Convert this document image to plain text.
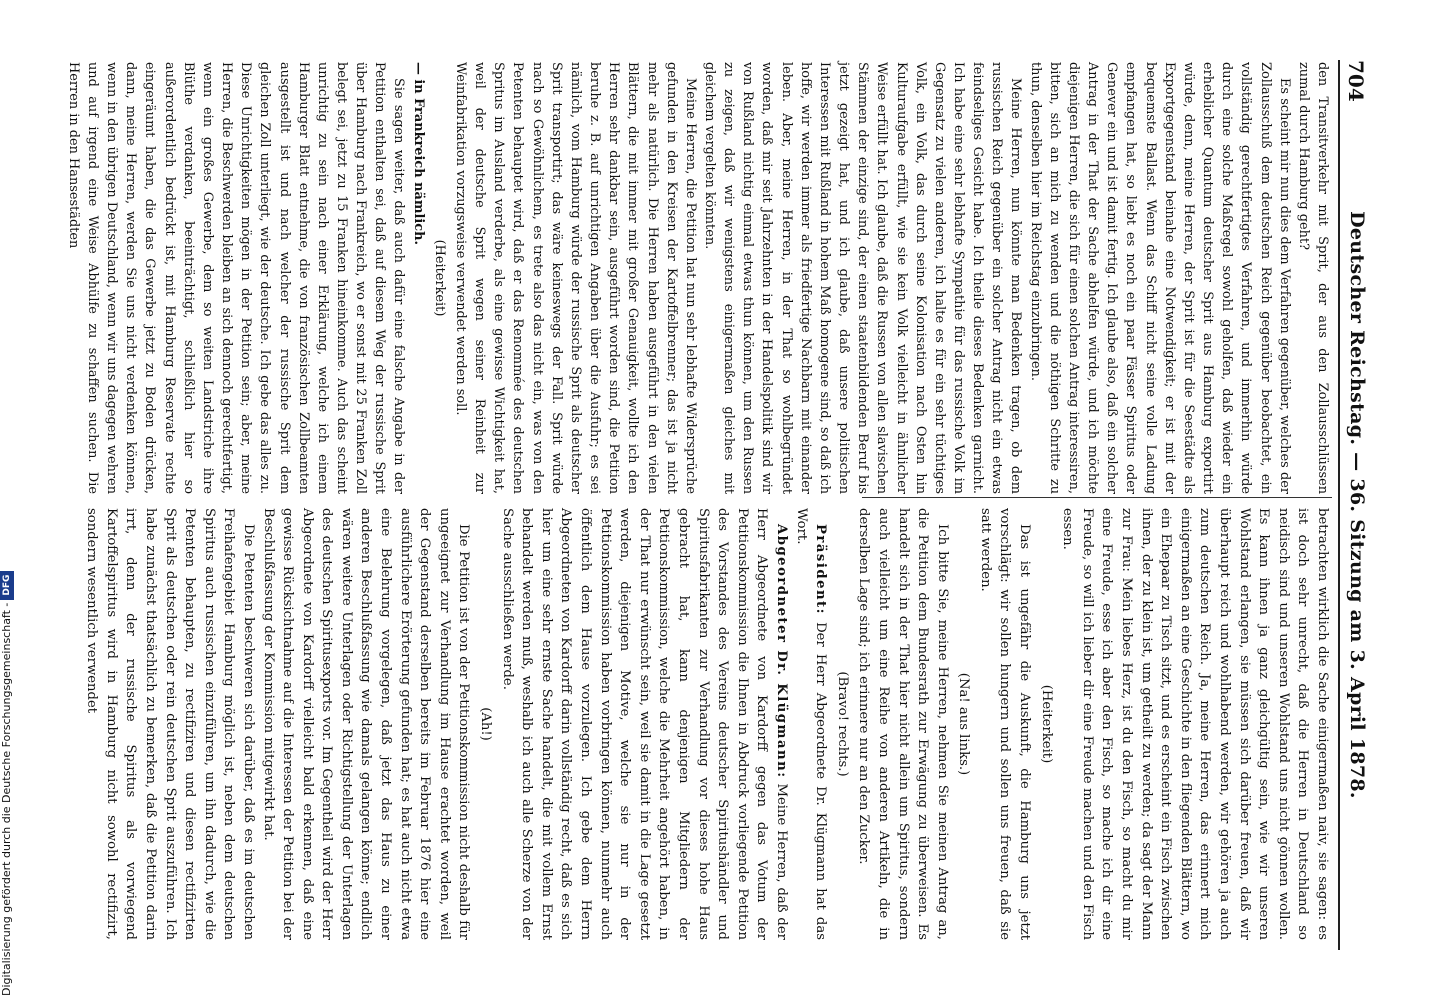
704
Deutscher Reichstag. — 36. Sitzung am 3. April 1878.

den Transitverkehr mit Sprit, der aus den Zollausschlüssen zumal durch Hamburg geht?

Es scheint mir nun dies dem Verfahren gegenüber, welches der Zollausschuß dem deutschen Reich gegenüber beobachtet, ein vollständig gerechtfertigtes Verfahren, und immerhin würde durch eine solche Maßregel sowohl geholfen, daß wieder ein erheblicher Quantum deutscher Sprit aus Hamburg exportirt würde, denn, meine Herren, der Sprit ist für die Seestädte als Exportgegenstand beinahe eine Notwendigkeit; er ist mit der bequemste Ballast. Wenn das Schiff nicht seine volle Ladung empfangen hat, so liebt es noch ein paar Fässer Spiritus oder Genever ein und ist damit fertig. Ich glaube also, daß ein solcher Antrag in der That der Sache abhelfen würde, und ich möchte diejenigen Herren, die sich für einen solchen Antrag interessiren, bitten, sich an mich zu wenden und die nöthigen Schritte zu thun, denselben hier im Reichstag einzubringen.

Meine Herren, nun könnte man Bedenken tragen, ob dem russischen Reich gegenüber ein solcher Antrag nicht ein etwas feindseliges Gesicht habe. Ich theile dieses Bedenken garnicht. Ich habe eine sehr lebhafte Sympathie für das russische Volk im Gegensatz zu vielen anderen, ich halte es für ein sehr tüchtiges Volk, ein Volk, das durch seine Kolonisation nach Osten hin Kulturaufgabe erfüllt, wie sie kein Volk vielleicht in ähnlicher Weise erfüllt hat. Ich glaube, daß die Russen von allen slavischen Stämmen der einzige sind, der einen staatenbildenden Beruf bis jetzt gezeigt hat, und ich glaube, daß unsere politischen Interessen mit Rußland in hohem Maß homogene sind, so daß ich hoffe, wir werden immer als friedfertige Nachbarn mit einander leben. Aber, meine Herren, in der That so wohlbegründet worden, daß mir seit Jahrzehnten in der Handelspolitik sind wir von Rußland nichtig einmal etwas thun können, um den Russen zu zeigen, daß wir wenigstens einigermaßen gleiches mit gleichem vergelten könnten.

Meine Herren, die Petition hat nun sehr lebhafte Widersprüche gefunden in den Kreisen der Kartoffelbrenner; das ist ja nicht mehr als natürlich. Die Herren haben ausgeführt in den vielen Blättern, die mit immer mit großer Genauigkeit, wollte ich den Herren sehr dankbar sein, ausgeführt worden sind, die Petition beruhe z. B. auf unrichtigen Angaben über die Ausfuhr; es sei nämlich, vom Hamburg würde der russische Sprit als deutscher Sprit transportirt; das wäre keineswegs der Fall. Sprit würde nach so Gewöhnlichem, es trete also das nicht ein, was von den Petenten behauptet wird, daß er das Renommée des deutschen Spritus im Ausland verderbe, als eine gewisse Wichtigkeit hat, weil der deutsche Sprit wegen seiner Reinheit zur Weinfabrikation vorzugsweise verwendet werden soll.

(Heiterkeit)

— in Frankreich nämlich.

Sie sagen weiter, daß auch dafür eine falsche Angabe in der Petition enthalten sei, daß auf diesem Weg der russische Sprit über Hamburg nach Frankreich, wo er sonst mit 25 Franken Zoll belegt sei, jetzt zu 15 Franken hineinkomme. Auch das scheint unrichtig zu sein nach einer Erklärung, welche ich einem Hamburger Blatt entnehme, die von französischen Zollbeamten ausgestellt ist und nach welcher der russische Sprit dem gleichen Zoll unterliegt, wie der deutsche. Ich gebe das alles zu. Diese Unrichtigkeiten mögen in der Petition sein; aber, meine Herren, die Beschwerden bleiben an sich dennoch gerechtfertigt, wenn ein großes Gewerbe, dem so weiten Landstriche ihre Blüthe verdanken, beeinträchtigt, schließlich hier so außerordentlich bedrückt ist, mit Hamburg Reservate rechte eingeräumt haben, die das Gewerbe jetzt zu Boden drücken, dann, meine Herren, werden Sie uns nicht verdenken können, wenn in den übrigen Deutschland, wenn wir uns dagegen wehren und auf irgend eine Weise Abhülfe zu schaffen suchen. Die Herren in den Hansestädten

betrachten wirklich die Sache einigermaßen naiv, sie sagen: es ist doch sehr unrecht, daß die Herren in Deutschland so neidisch sind und unseren Wohlstand uns nicht gönnen wollen. Es kann ihnen ja ganz gleichgültig sein, wie wir unseren Wohlstand erlangen, sie müssen sich darüber freuen, daß wir überhaupt reich und wohlhabend werden, wir gehören ja auch zum deutschen Reich. Ja, meine Herren, das erinnert mich einigermaßen an eine Geschichte in den fliegenden Blättern, wo ein Ehepaar zu Tisch sitzt, und es erscheint ein Fisch zwischen ihnen, der zu klein ist, um getheilt zu werden; da sagt der Mann zur Frau: Mein liebes Herz, ist du den Fisch, so macht du mir eine Freude, esse ich aber den Fisch, so mache ich dir eine Freude, so will ich lieber dir eine Freude machen und den Fisch essen.

(Heiterkeit)

Das ist ungefähr die Auskunft, die Hamburg uns jetzt vorschlägt: wir sollen hungern und sollen uns freuen, daß sie satt werden.

(Na! aus links.)

Ich bitte Sie, meine Herren, nehmen Sie meinen Antrag an, die Petition dem Bundesrath zur Erwägung zu überweisen. Es handelt sich in der That hier nicht allein um Spiritus, sondern auch vielleicht um eine Reihe von anderen Artikeln, die in derselben Lage sind; ich erinnere nur an den Zucker.

(Bravo! rechts.)

Präsident: Der Herr Abgeordnete Dr. Klügmann hat das Wort.

Abgeordneter Dr. Klügmann: Meine Herren, daß der Herr Abgeordnete von Kardorff gegen das Votum der Petitionskommission die Ihnen in Abdruck vorliegende Petition des Vorstandes des Vereins deutscher Spiritushändler und Spiritusfabrikanten zur Verhandlung vor dieses hohe Haus gebracht hat, kann denjenigen Mitgliedern der Petitionskommission, welche die Mehrheit angehört haben, in der That nur erwünscht sein, weil sie damit in die Lage gesetzt werden, diejenigen Motive, welche sie nur in der Petitionskommission haben vorbringen können, nunmehr auch öffentlich dem Hause vorzulegen. Ich gebe dem Herrn Abgeordneten von Kardorff darin vollständig recht, daß es sich hier um eine sehr ernste Sache handelt, die mit vollem Ernst behandelt werden muß, weshalb ich auch alle Scherze von der Sache ausschließen werde.

(Ah!)

Die Petition ist von der Petitionskommission nicht deshalb für ungeeignet zur Verhandlung im Hause erachtet worden, weil der Gegenstand derselben bereits im Februar 1876 hier eine ausführlichere Erörterung gefunden hat; es hat auch nicht etwa eine Belehrung vorgelegen, daß jetzt das Haus zu einer anderen Beschlußfassung wie damals gelangen könne; endlich wären weitere Unterlagen oder Richtigstellung der Unterlagen des deutschen Spiritusexports vor. Im Gegentheil wird der Herr Abgeordnete von Kardorff vielleicht bald erkennen, daß eine gewisse Rücksichtnahme auf die Interessen der Petition bei der Beschlußfassung der Kommission mitgewirkt hat.

Die Petenten beschweren sich darüber, daß es im deutschen Freihafengebiet Hamburg möglich ist, neben dem deutschen Spiritus auch russischen einzuführen, um ihn dadurch, wie die Petenten behaupten, zu rectifiziren und diesen rectifizirten Sprit als deutschen oder rein deutschen Sprit auszuführen. Ich habe zunächst thatsächlich zu bemerken, daß die Petition darin irrt, denn der russische Spiritus als vorwiegend Kartoffelspiritus wird in Hamburg nicht sowohl rectifizirt, sondern wesentlich verwendet

Digitalisierung gefördert durch die Deutsche Forschungsgemeinschaft -DFG
